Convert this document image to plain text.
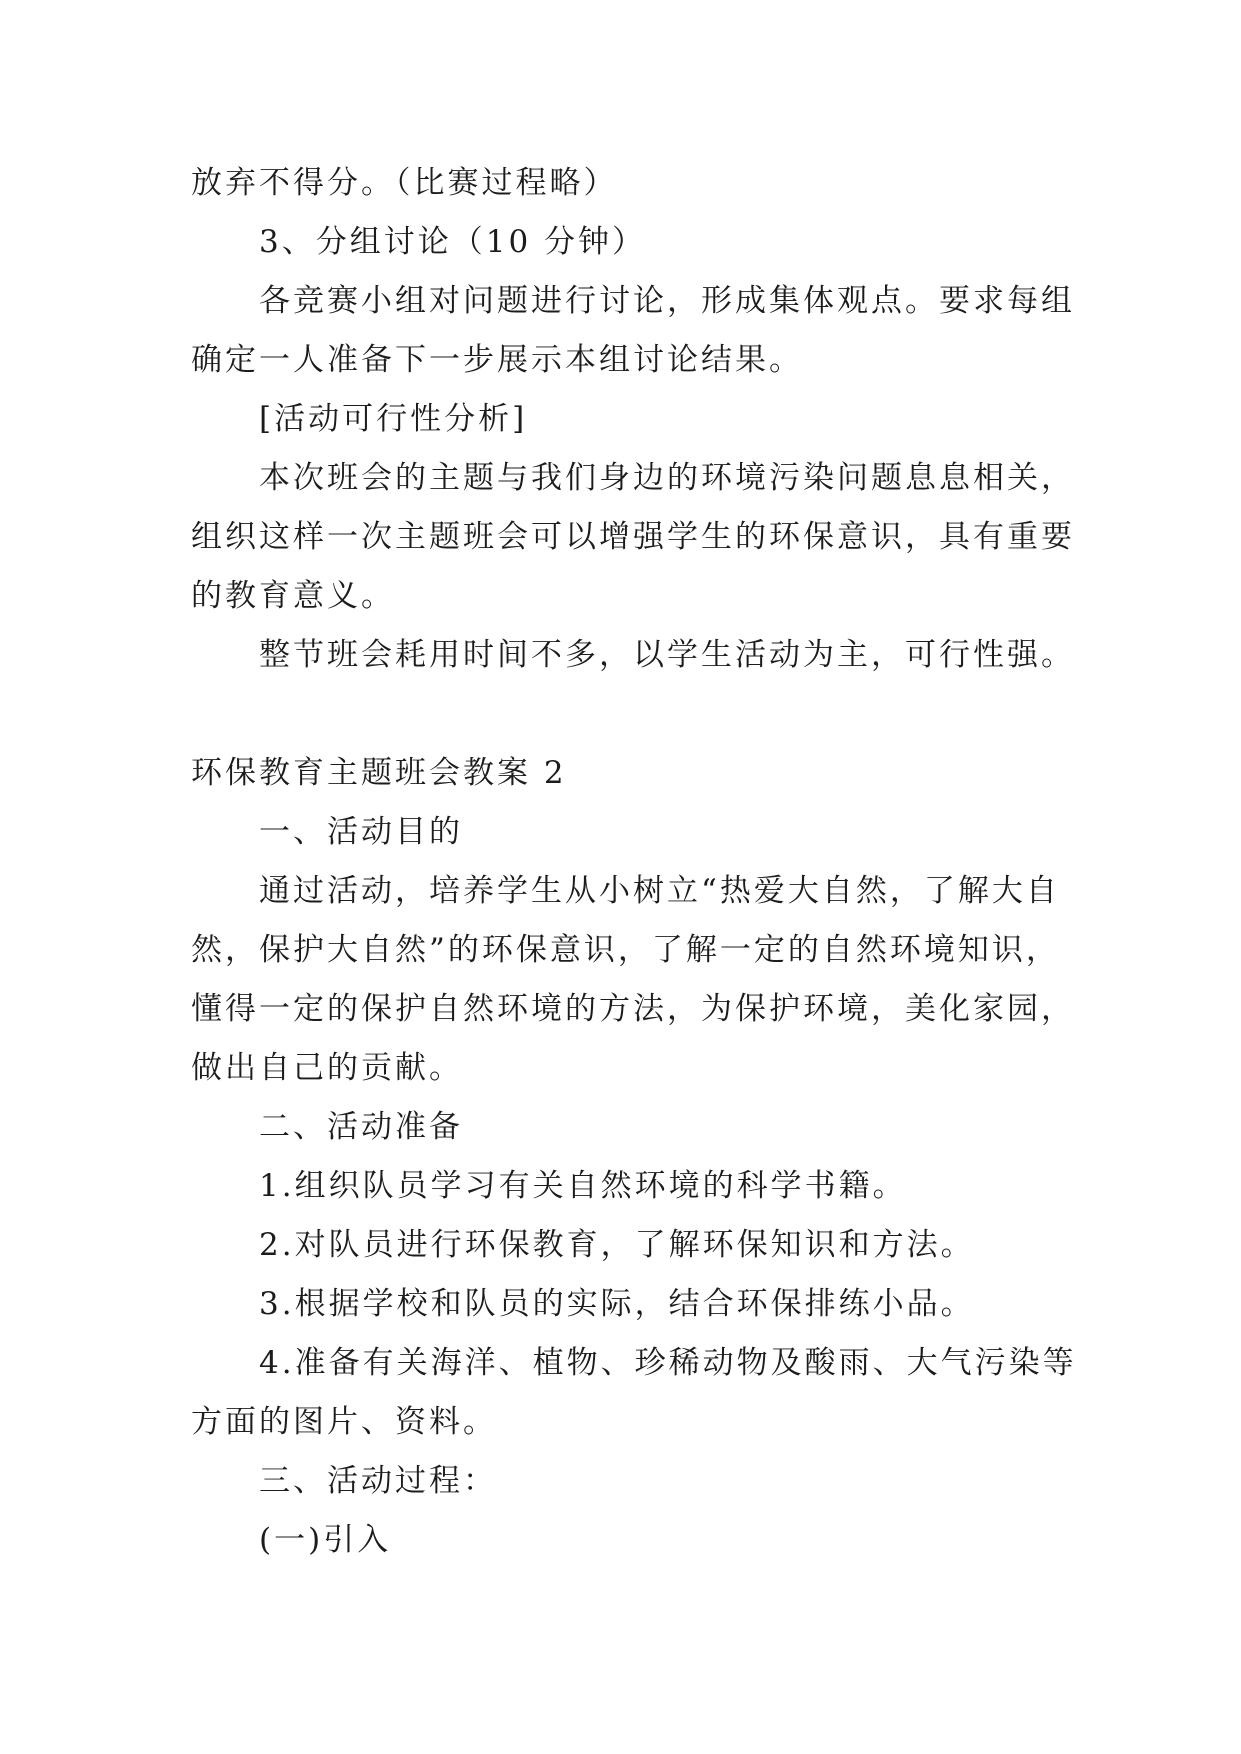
放弃不得分。（比赛过程略）
3、分组讨论（10 分钟）
各竞赛小组对问题进行讨论，形成集体观点。要求每组
确定一人准备下一步展示本组讨论结果。
[活动可行性分析]
本次班会的主题与我们身边的环境污染问题息息相关，
组织这样一次主题班会可以增强学生的环保意识，具有重要
的教育意义。
整节班会耗用时间不多，以学生活动为主，可行性强。
环保教育主题班会教案 2
一、活动目的
通过活动，培养学生从小树立“热爱大自然，了解大自
然，保护大自然”的环保意识，了解一定的自然环境知识，
懂得一定的保护自然环境的方法，为保护环境，美化家园，
做出自己的贡献。
二、活动准备
1.组织队员学习有关自然环境的科学书籍。
2.对队员进行环保教育，了解环保知识和方法。
3.根据学校和队员的实际，结合环保排练小品。
4.准备有关海洋、植物、珍稀动物及酸雨、大气污染等
方面的图片、资料。
三、活动过程：
(一)引入
